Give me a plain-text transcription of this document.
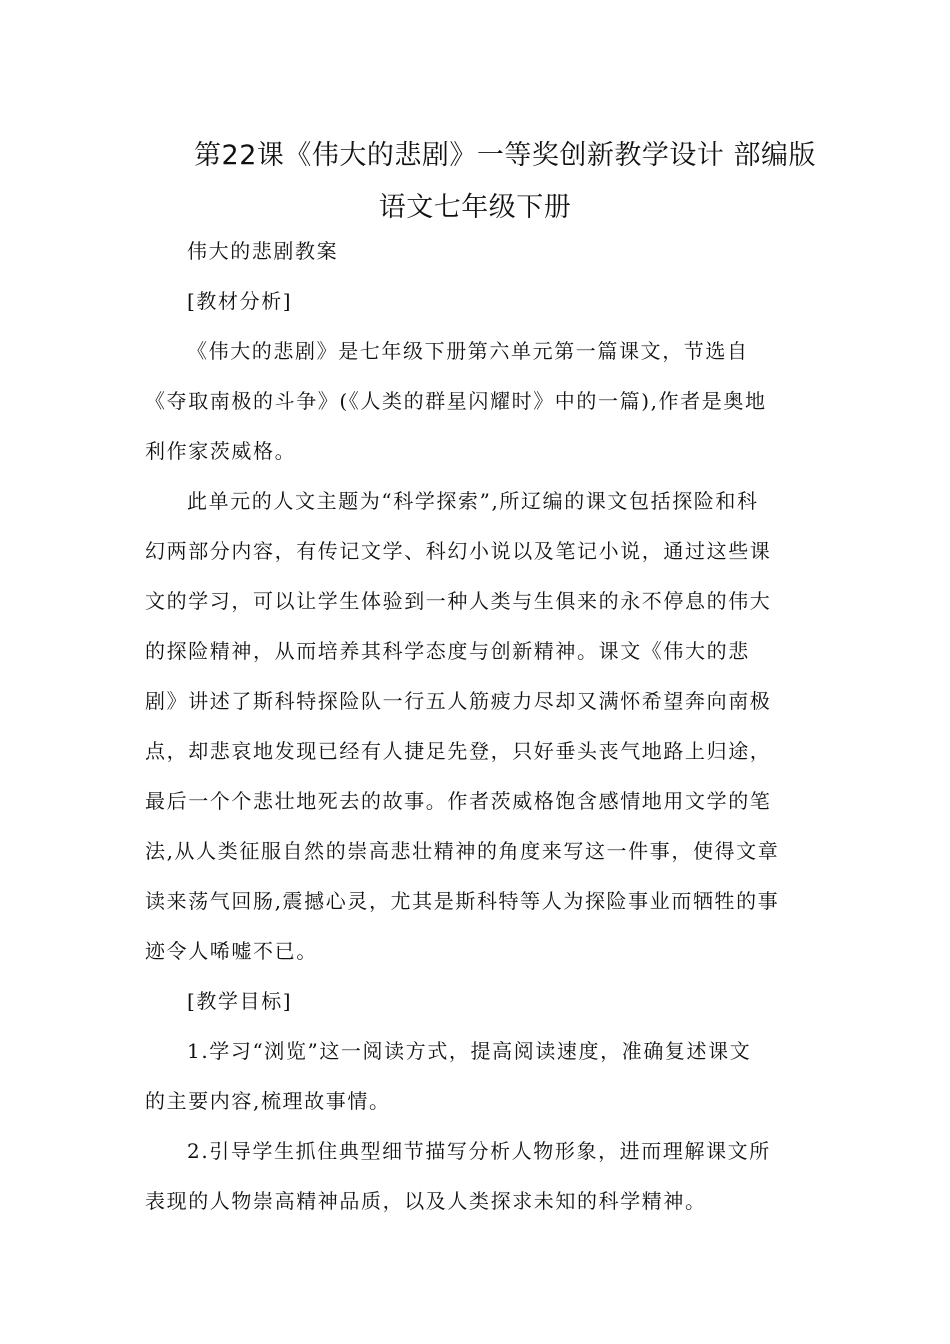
第22课《伟大的悲剧》一等奖创新教学设计 部编版
语文七年级下册
伟大的悲剧教案
[教材分析]
《伟大的悲剧》是七年级下册第六单元第一篇课文，节选自
《夺取南极的斗争》(《人类的群星闪耀时》中的一篇),作者是奥地
利作家茨威格。
此单元的人文主题为“科学探索”,所辽编的课文包括探险和科
幻两部分内容，有传记文学、科幻小说以及笔记小说，通过这些课
文的学习，可以让学生体验到一种人类与生俱来的永不停息的伟大
的探险精神，从而培养其科学态度与创新精神。课文《伟大的悲
剧》讲述了斯科特探险队一行五人筋疲力尽却又满怀希望奔向南极
点，却悲哀地发现已经有人捷足先登，只好垂头丧气地路上归途，
最后一个个悲壮地死去的故事。作者茨威格饱含感情地用文学的笔
法,从人类征服自然的崇高悲壮精神的角度来写这一件事，使得文章
读来荡气回肠,震撼心灵，尤其是斯科特等人为探险事业而牺牲的事
迹令人唏嘘不已。
[教学目标]
1.学习“浏览”这一阅读方式，提高阅读速度，准确复述课文
的主要内容,梳理故事情。
2.引导学生抓住典型细节描写分析人物形象，进而理解课文所
表现的人物崇高精神品质，以及人类探求未知的科学精神。
